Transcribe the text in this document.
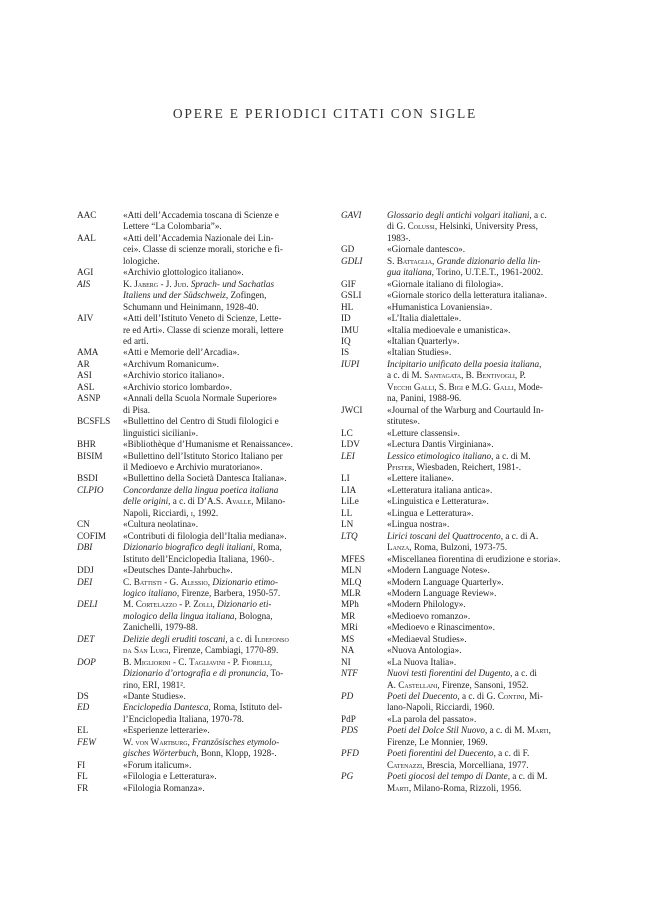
OPERE E PERIODICI CITATI CON SIGLE
AAC	«Atti dell’Accademia toscana di Scienze e
Lettere “La Colombaria”».
AAL	«Atti dell’Accademia Nazionale dei Lin-
cei». Classe di scienze morali, storiche e fi-
lologiche.
AGI	«Archivio glottologico italiano».
AIS	K. Jaberg - J. Jud. Sprach- und Sachatlas
Italiens und der Südschweiz, Zofingen,
Schumann und Heinimann, 1928-40.
AIV	«Atti dell’Istituto Veneto di Scienze, Lette-
re ed Arti». Classe di scienze morali, lettere
ed arti.
AMA	«Atti e Memorie dell’Arcadia».
AR	«Archivum Romanicum».
ASI	«Archivio storico italiano».
ASL	«Archivio storico lombardo».
ASNP	«Annali della Scuola Normale Superiore»
di Pisa.
BCSFLS	«Bullettino del Centro di Studi filologici e
linguistici siciliani».
BHR	«Bibliothèque d’Humanisme et Renaissance».
BISIM	«Bullettino dell’Istituto Storico Italiano per
il Medioevo e Archivio muratoriano».
BSDI	«Bullettino della Società Dantesca Italiana».
CLPIO	Concordanze della lingua poetica italiana
delle origini, a c. di D’A.S. Avalle, Milano-
Napoli, Ricciardi, i, 1992.
CN	«Cultura neolatina».
COFIM	«Contributi di filologia dell’Italia mediana».
DBI	Dizionario biografico degli italiani, Roma,
Istituto dell’Enciclopedia Italiana, 1960-.
DDJ	«Deutsches Dante-Jahrbuch».
DEI	C. Battisti - G. Alessio, Dizionario etimo-
logico italiano, Firenze, Barbera, 1950-57.
DELI	M. Cortelazzo - P. Zolli, Dizionario eti-
mologico della lingua italiana, Bologna,
Zanichelli, 1979-88.
DET	Delizie degli eruditi toscani, a c. di Ildefonso
da San Luigi, Firenze, Cambiagi, 1770-89.
DOP	B. Migliorini - C. Tagliavini - P. Fiorelli,
Dizionario d’ortografia e di pronuncia, To-
rino, ERI, 1981².
DS	«Dante Studies».
ED	Enciclopedia Dantesca, Roma, Istituto del-
l’Enciclopedia Italiana, 1970-78.
EL	«Esperienze letterarie».
FEW	W. von Wartburg, Französisches etymolo-
gisches Wörterbuch, Bonn, Klopp, 1928-.
FI	«Forum italicum».
FL	«Filologia e Letteratura».
FR	«Filologia Romanza».
GAVI	Glossario degli antichi volgari italiani, a c.
di G. Colussi, Helsinki, University Press,
1983-.
GD	«Giornale dantesco».
GDLI	S. Battaglia, Grande dizionario della lin-
gua italiana, Torino, U.T.E.T., 1961-2002.
GIF	«Giornale italiano di filologia».
GSLI	«Giornale storico della letteratura italiana».
HL	«Humanistica Lovaniensia».
ID	«L’Italia dialettale».
IMU	«Italia medioevale e umanistica».
IQ	«Italian Quarterly».
IS	«Italian Studies».
IUPI	Incipitario unificato della poesia italiana,
a c. di M. Santagata, B. Bentivogli, P.
Vecchi Galli, S. Bigi e M.G. Galli, Mode-
na, Panini, 1988-96.
JWCI	«Journal of the Warburg and Courtauld In-
stitutes».
LC	«Letture classensi».
LDV	«Lectura Dantis Virginiana».
LEI	Lessico etimologico italiano, a c. di M.
Pfister, Wiesbaden, Reichert, 1981-.
LI	«Lettere italiane».
LIA	«Letteratura italiana antica».
LiLe	«Linguistica e Letteratura».
LL	«Lingua e Letteratura».
LN	«Lingua nostra».
LTQ	Lirici toscani del Quattrocento, a c. di A.
Lanza, Roma, Bulzoni, 1973-75.
MFES	«Miscellanea fiorentina di erudizione e storia».
MLN	«Modern Language Notes».
MLQ	«Modern Language Quarterly».
MLR	«Modern Language Review».
MPh	«Modern Philology».
MR	«Medioevo romanzo».
MRi	«Medioevo e Rinascimento».
MS	«Mediaeval Studies».
NA	«Nuova Antologia».
NI	«La Nuova Italia».
NTF	Nuovi testi fiorentini del Dugento, a c. di
A. Castellani, Firenze, Sansoni, 1952.
PD	Poeti del Duecento, a c. di G. Contini, Mi-
lano-Napoli, Ricciardi, 1960.
PdP	«La parola del passato».
PDS	Poeti del Dolce Stil Nuovo, a c. di M. Marti,
Firenze, Le Monnier, 1969.
PFD	Poeti fiorentini del Duecento, a c. di F.
Catenazzi, Brescia, Morcelliana, 1977.
PG	Poeti giocosi del tempo di Dante, a c. di M.
Marti, Milano-Roma, Rizzoli, 1956.
